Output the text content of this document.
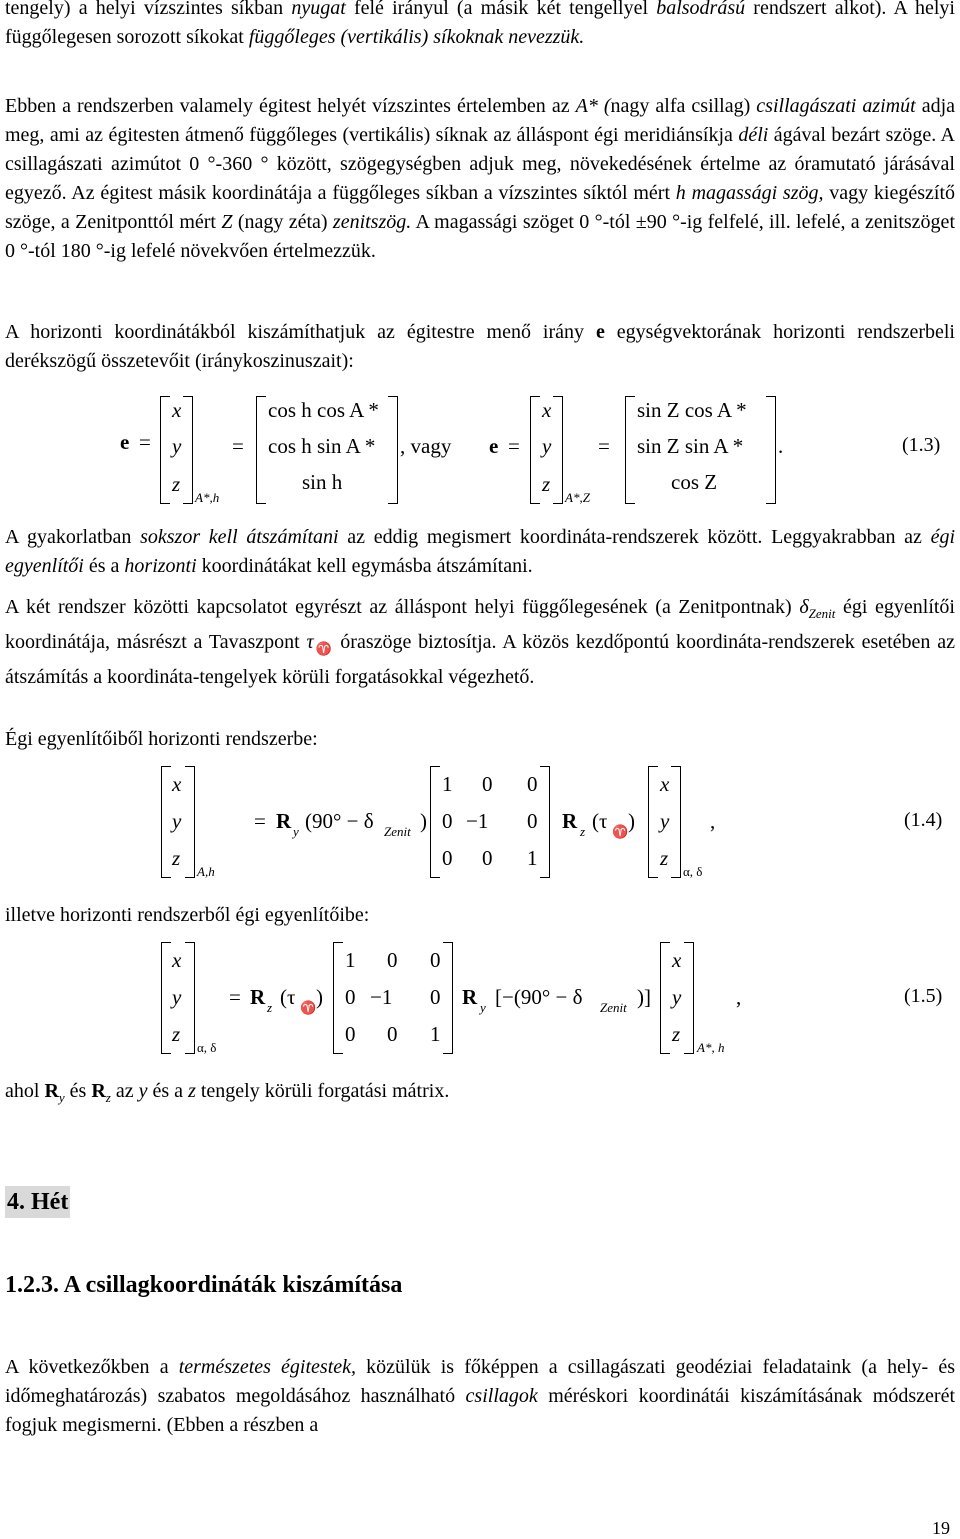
tengely) a helyi vízszintes síkban nyugat felé irányul (a másik két tengellyel balsodrású rendszert alkot). A helyi függőlegesen sorozott síkokat függőleges (vertikális) síkoknak nevezzük.

Ebben a rendszerben valamely égitest helyét vízszintes értelemben az A* (nagy alfa csillag) csillagászati azimút adja meg, ami az égitesten átmenő függőleges (vertikális) síknak az álláspont égi meridiánsíkja déli ágával bezárt szöge. A csillagászati azimútot 0 °-360 ° között, szögegységben adjuk meg, növekedésének értelme az óramutató járásával egyező. Az égitest másik koordinátája a függőleges síkban a vízszintes síktól mért h magassági szög, vagy kiegészítő szöge, a Zenitponttól mért Z (nagy zéta) zenitszög. A magassági szöget 0 °-tól ±90 °-ig felfelé, ill. lefelé, a zenitszöget 0 °-tól 180 °-ig lefelé növekvően értelmezzük.

A horizonti koordinátákból kiszámíthatjuk az égitestre menő irány e egységvektorának horizonti rendszerbeli derékszögű összetevőit (iránykoszinuszait):

e =
x
y
z
A*,h
=
cos h cos A *
cos h sin A *
sin h
, vagy e =
x
y
z
A*,Z
=
sin Z cos A *
sin Z sin A *
cos Z
.	(1.3)

A gyakorlatban sokszor kell átszámítani az eddig megismert koordináta-rendszerek között. Leggyakrabban az égi egyenlítői és a horizonti koordinátákat kell egymásba átszámítani.

A két rendszer közötti kapcsolatot egyrészt az álláspont helyi függőlegesének (a Zenitpontnak) $\delta_{Zenit}$ égi egyenlítői koordinátája, másrészt a Tavaszpont $\tau_♈$ óraszöge biztosítja. A közös kezdőpontú koordináta-rendszerek esetében az átszámítás a koordináta-tengelyek körüli forgatásokkal végezhető.

Égi egyenlítőiből horizonti rendszerbe:

x
y
z
A,h
= R y (90° − δ Zenit )
1 0 0
0 −1 0
0 0 1
R z (τ ♈ )
x
y
z
α, δ
,	(1.4)

illetve horizonti rendszerből égi egyenlítőibe:

x
y
z
α, δ
= R z (τ ♈ )
1 0 0
0 −1 0
0 0 1
R y [−(90° − δ Zenit )]
x
y
z
A*, h
,	(1.5)

ahol $R_y$ és $R_z$ az y és a z tengely körüli forgatási mátrix.

4. Hét
1.2.3. A csillagkoordináták kiszámítása

A következőkben a természetes égitestek, közülük is főképpen a csillagászati geodéziai feladataink (a hely- és időmeghatározás) szabatos megoldásához használható csillagok méréskori koordinátái kiszámításának módszerét fogjuk megismerni. (Ebben a részben a

19
